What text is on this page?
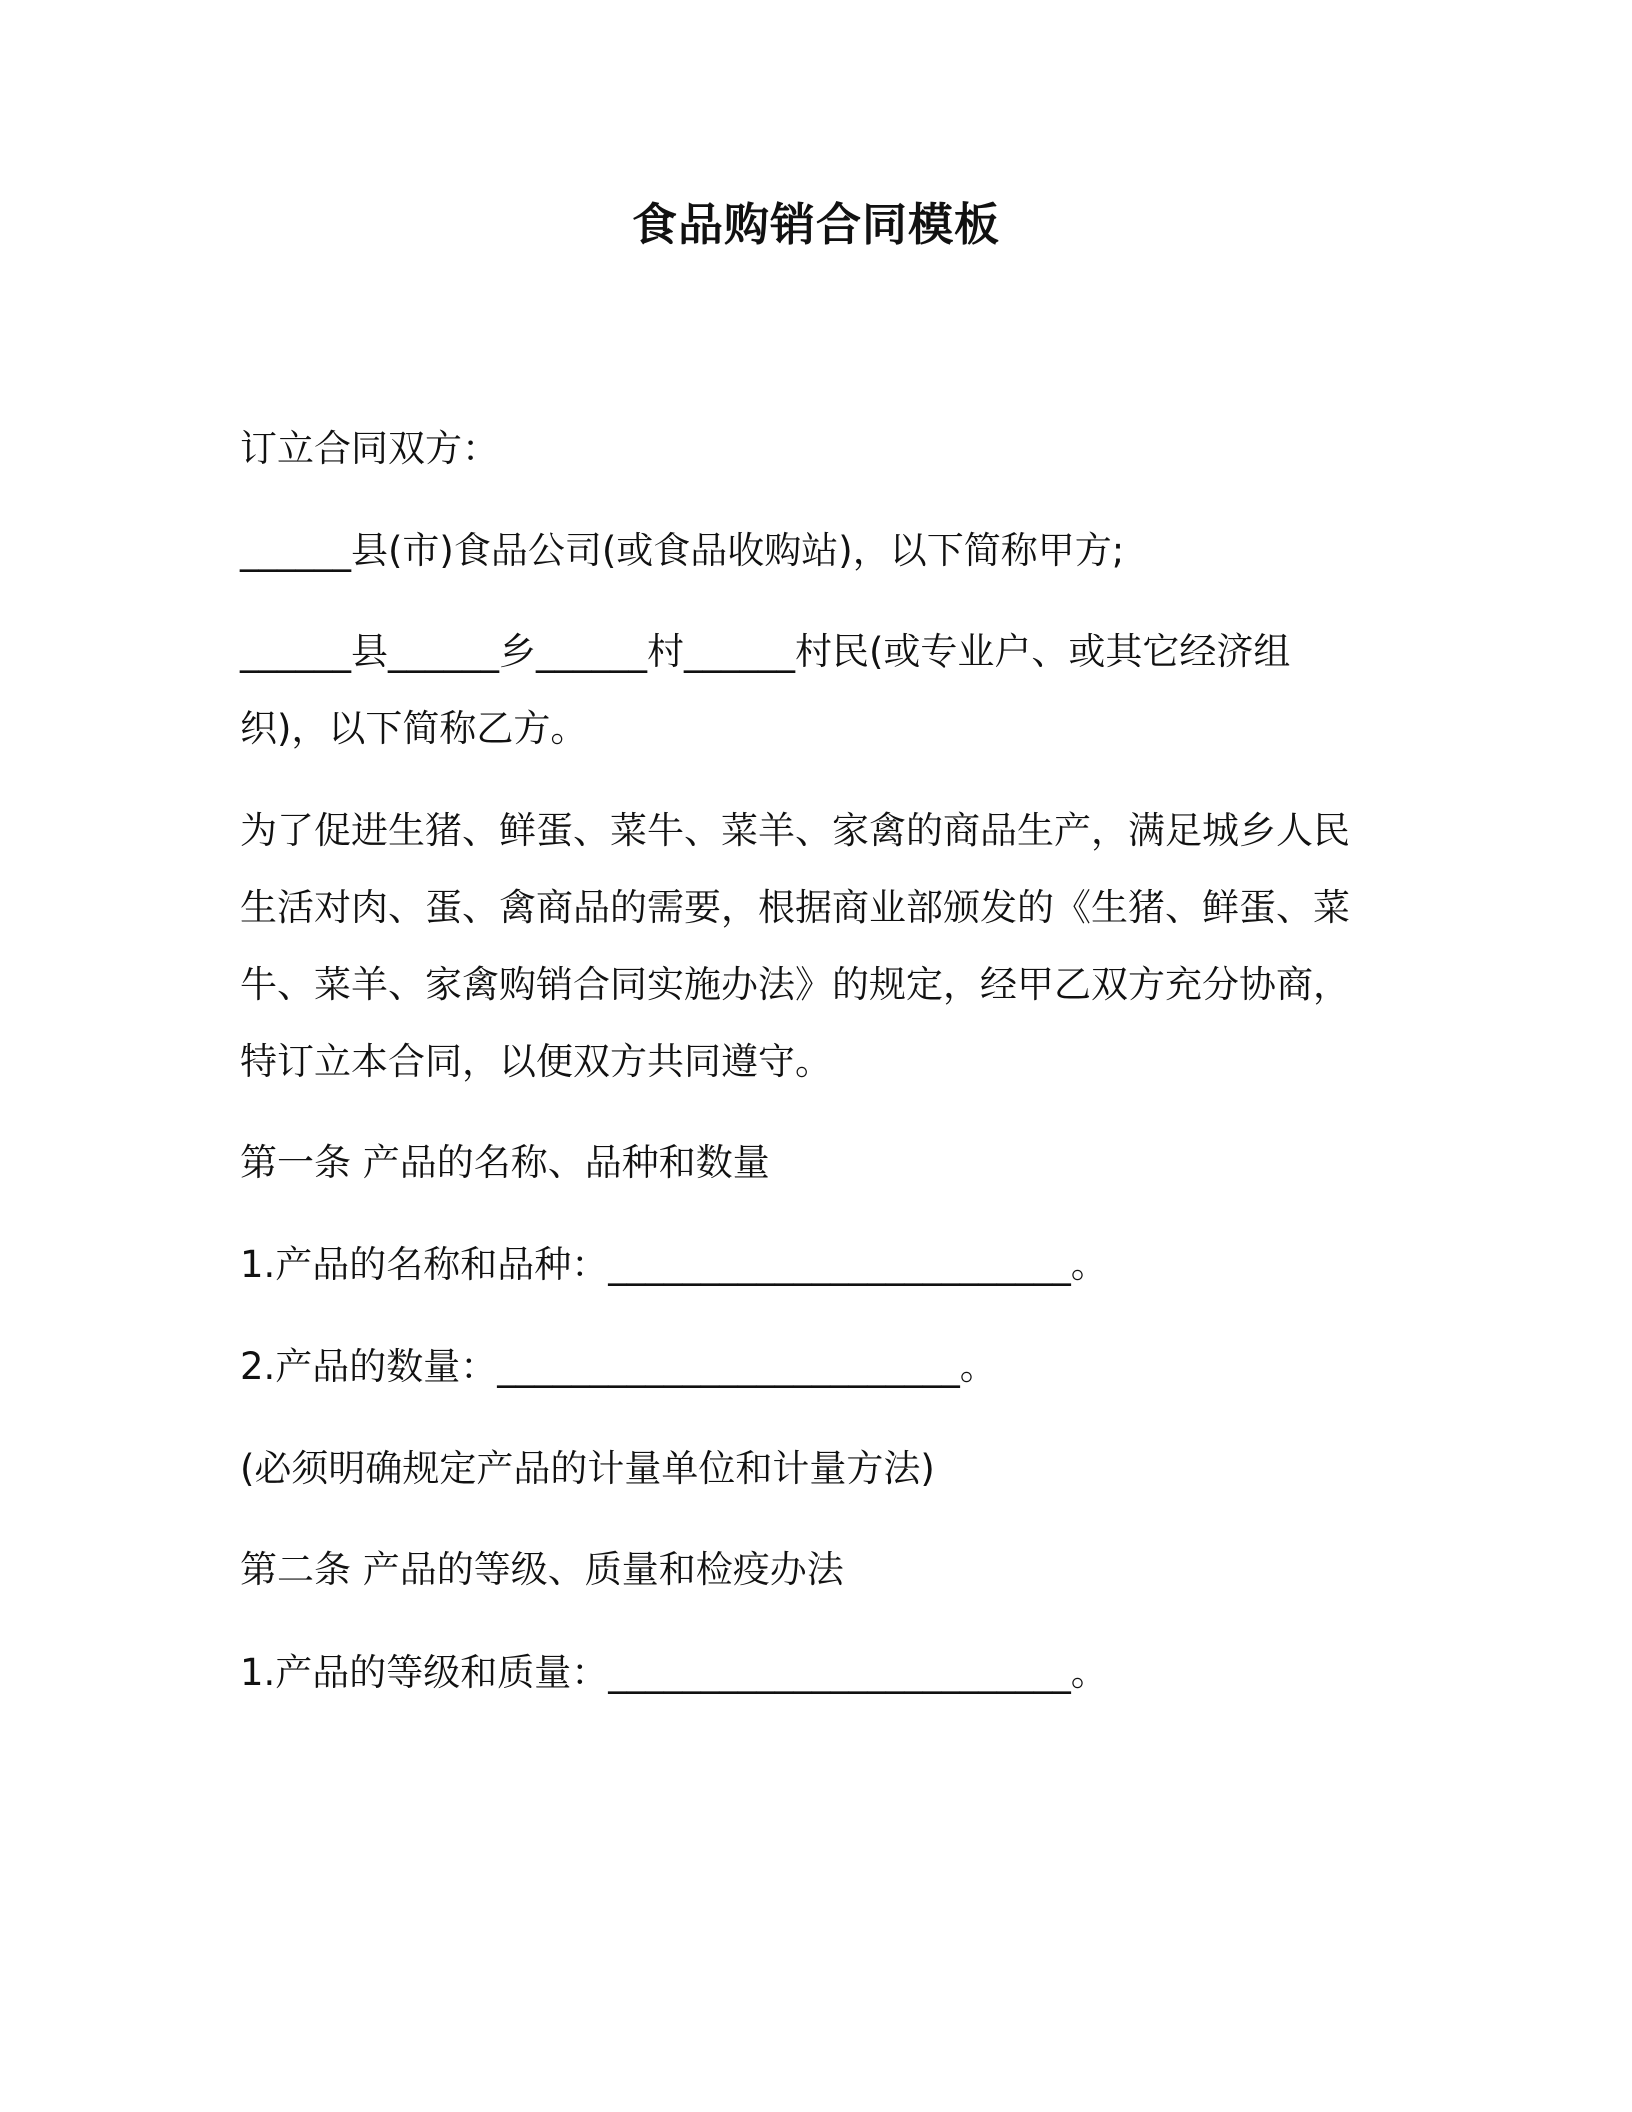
食品购销合同模板

订立合同双方：

______县(市)食品公司(或食品收购站)，以下简称甲方;

______县______乡______村______村民(或专业户、或其它经济组

织)，以下简称乙方。

为了促进生猪、鲜蛋、菜牛、菜羊、家禽的商品生产，满足城乡人民

生活对肉、蛋、禽商品的需要，根据商业部颁发的《生猪、鲜蛋、菜

牛、菜羊、家禽购销合同实施办法》的规定，经甲乙双方充分协商，

特订立本合同，以便双方共同遵守。

第一条 产品的名称、品种和数量

1.产品的名称和品种：_________________________。

2.产品的数量：_________________________。

(必须明确规定产品的计量单位和计量方法)

第二条 产品的等级、质量和检疫办法

1.产品的等级和质量：_________________________。
